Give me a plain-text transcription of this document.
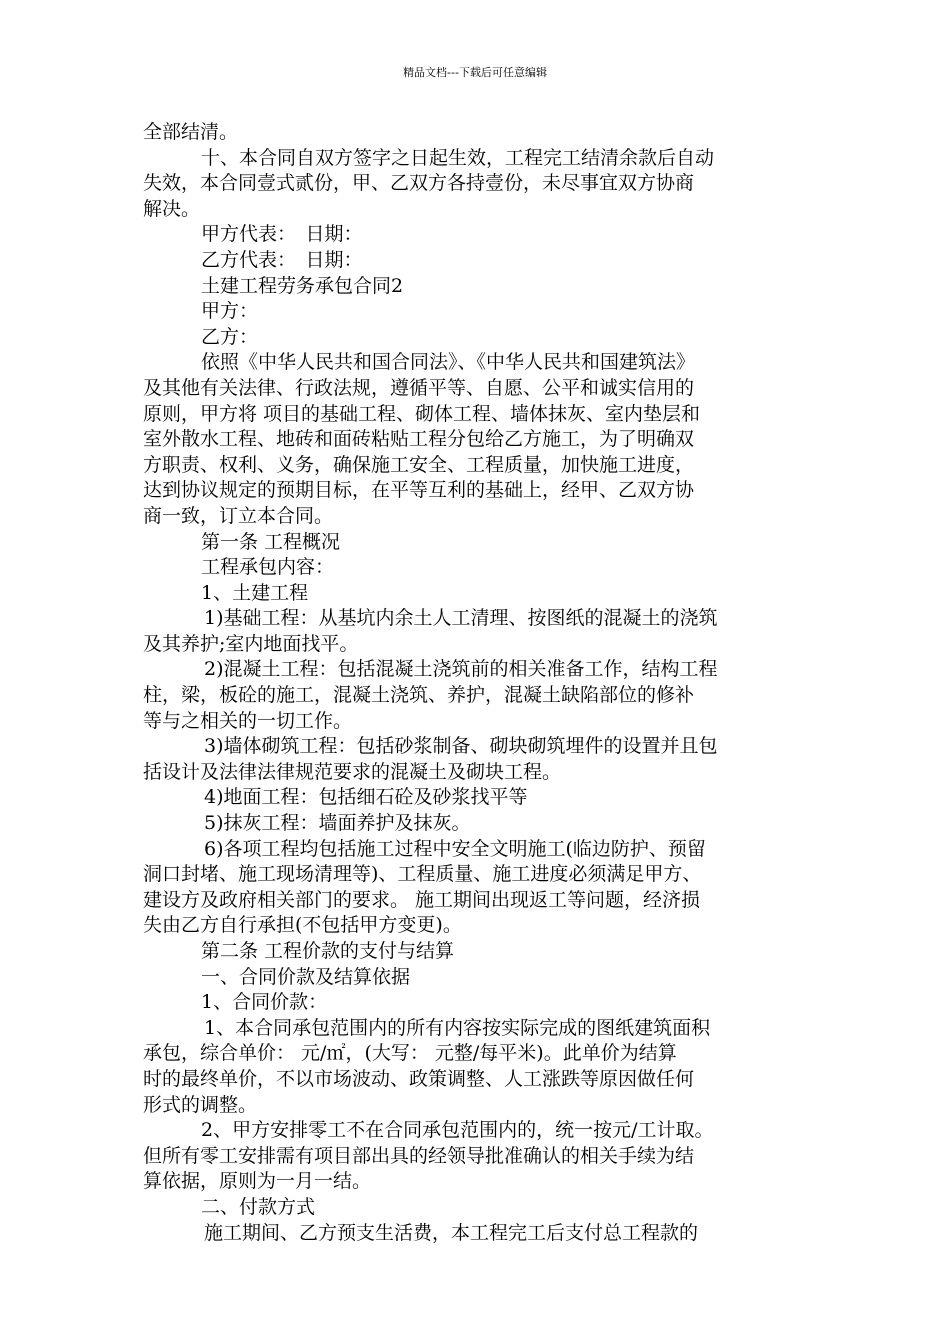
精品文档---下载后可任意编辑

全部结清。

十、本合同自双方签字之日起生效，工程完工结清余款后自动

失效，本合同壹式贰份，甲、乙双方各持壹份，未尽事宜双方协商

解决。

甲方代表：　日期：

乙方代表：　日期：

土建工程劳务承包合同2

甲方：

乙方：

依照《中华人民共和国合同法》、《中华人民共和国建筑法》

及其他有关法律、行政法规，遵循平等、自愿、公平和诚实信用的

原则，甲方将 项目的基础工程、砌体工程、墙体抹灰、室内垫层和

室外散水工程、地砖和面砖粘贴工程分包给乙方施工，为了明确双

方职责、权利、义务，确保施工安全、工程质量，加快施工进度，

达到协议规定的预期目标，在平等互利的基础上，经甲、乙双方协

商一致，订立本合同。

第一条 工程概况

工程承包内容：

1、土建工程

1)基础工程：从基坑内余土人工清理、按图纸的混凝土的浇筑

及其养护;室内地面找平。

2)混凝土工程：包括混凝土浇筑前的相关准备工作，结构工程

柱，梁，板砼的施工，混凝土浇筑、养护，混凝土缺陷部位的修补

等与之相关的一切工作。

3)墙体砌筑工程：包括砂浆制备、砌块砌筑埋件的设置并且包

括设计及法律法律规范要求的混凝土及砌块工程。

4)地面工程：包括细石砼及砂浆找平等

5)抹灰工程：墙面养护及抹灰。

6)各项工程均包括施工过程中安全文明施工(临边防护、预留

洞口封堵、施工现场清理等)、工程质量、施工进度必须满足甲方、

建设方及政府相关部门的要求。 施工期间出现返工等问题，经济损

失由乙方自行承担(不包括甲方变更)。

第二条 工程价款的支付与结算

一、合同价款及结算依据

1、合同价款：

1、本合同承包范围内的所有内容按实际完成的图纸建筑面积

承包，综合单价： 元/㎡，(大写： 元整/每平米)。此单价为结算

时的最终单价，不以市场波动、政策调整、人工涨跌等原因做任何

形式的调整。

2、甲方安排零工不在合同承包范围内的，统一按元/工计取。

但所有零工安排需有项目部出具的经领导批准确认的相关手续为结

算依据，原则为一月一结。

二、付款方式

施工期间、乙方预支生活费，本工程完工后支付总工程款的
